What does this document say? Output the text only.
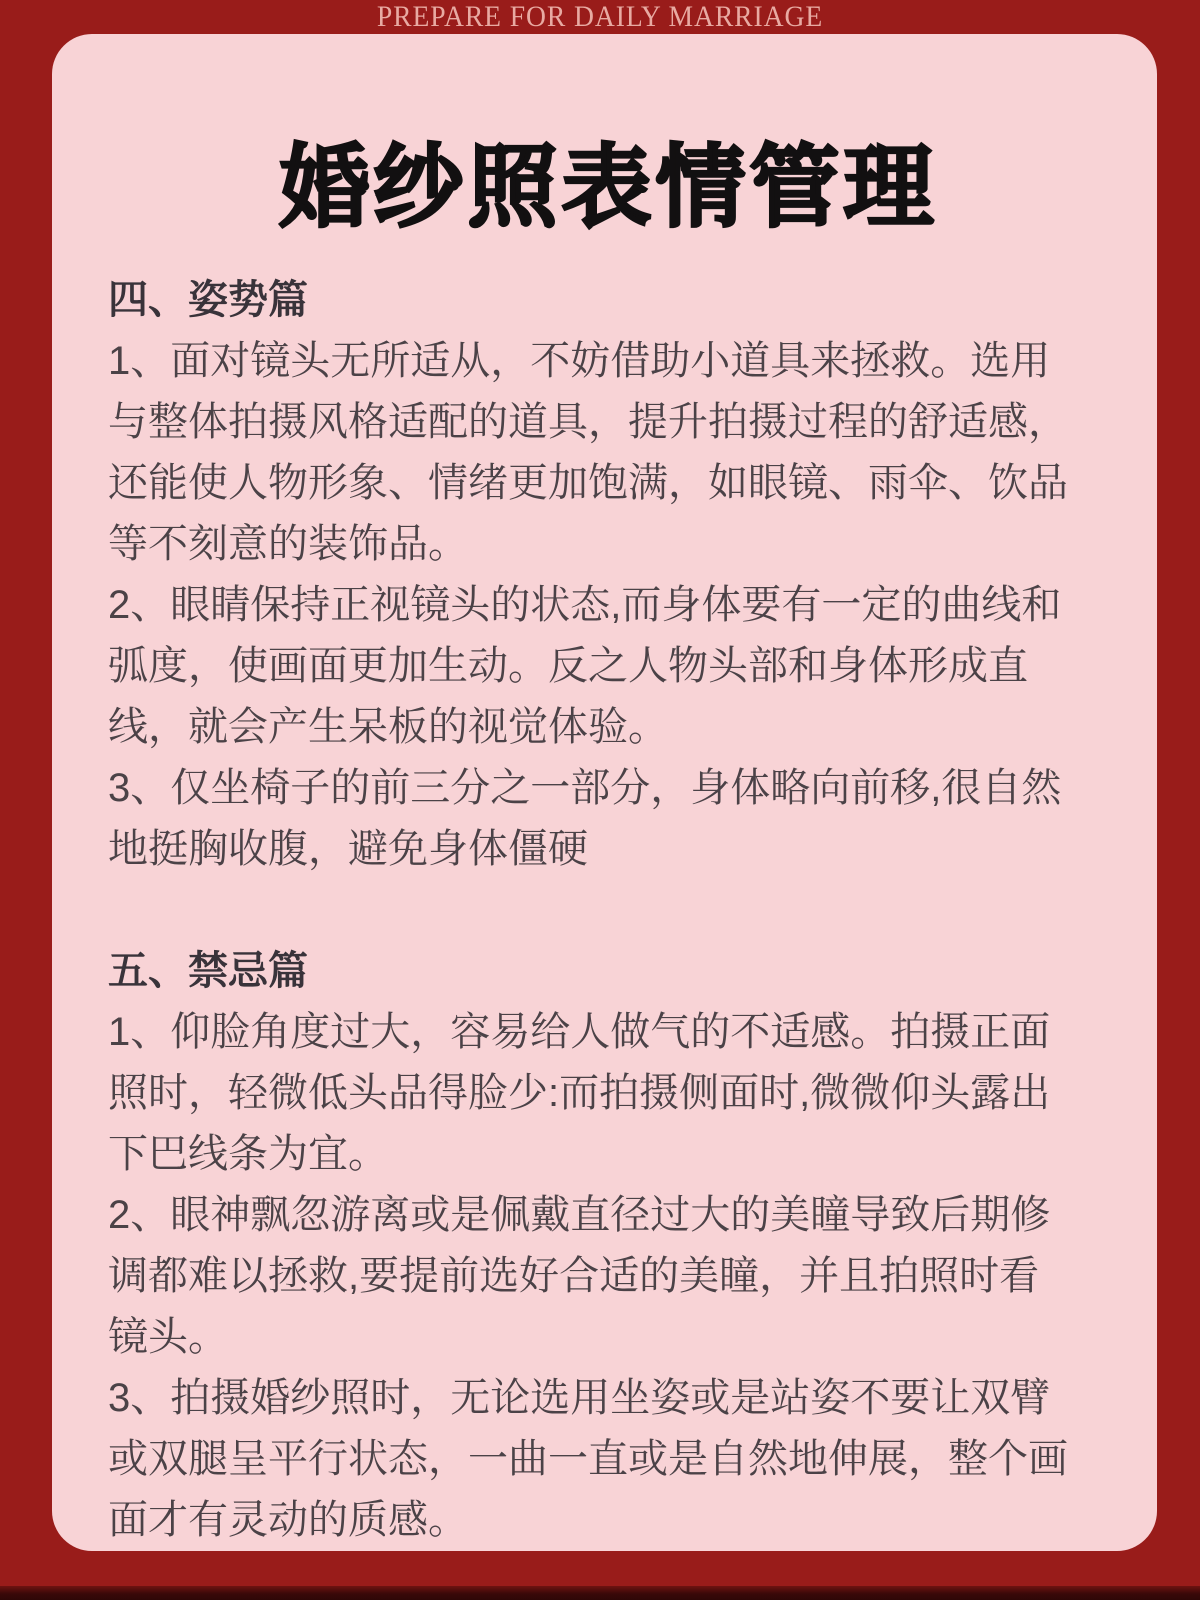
PREPARE FOR DAILY MARRIAGE
婚纱照表情管理
四、姿势篇
1、面对镜头无所适从，不妨借助小道具来拯救。选用
与整体拍摄风格适配的道具，提升拍摄过程的舒适感，
还能使人物形象、情绪更加饱满，如眼镜、雨伞、饮品
等不刻意的装饰品。
2、眼睛保持正视镜头的状态,而身体要有一定的曲线和
弧度，使画面更加生动。反之人物头部和身体形成直
线，就会产生呆板的视觉体验。
3、仅坐椅子的前三分之一部分，身体略向前移,很自然
地挺胸收腹，避免身体僵硬
五、禁忌篇
1、仰脸角度过大，容易给人做气的不适感。拍摄正面
照时，轻微低头品得脸少:而拍摄侧面时,微微仰头露出
下巴线条为宜。
2、眼神飘忽游离或是佩戴直径过大的美瞳导致后期修
调都难以拯救,要提前选好合适的美瞳，并且拍照时看
镜头。
3、拍摄婚纱照时，无论选用坐姿或是站姿不要让双臂
或双腿呈平行状态，一曲一直或是自然地伸展，整个画
面才有灵动的质感。
